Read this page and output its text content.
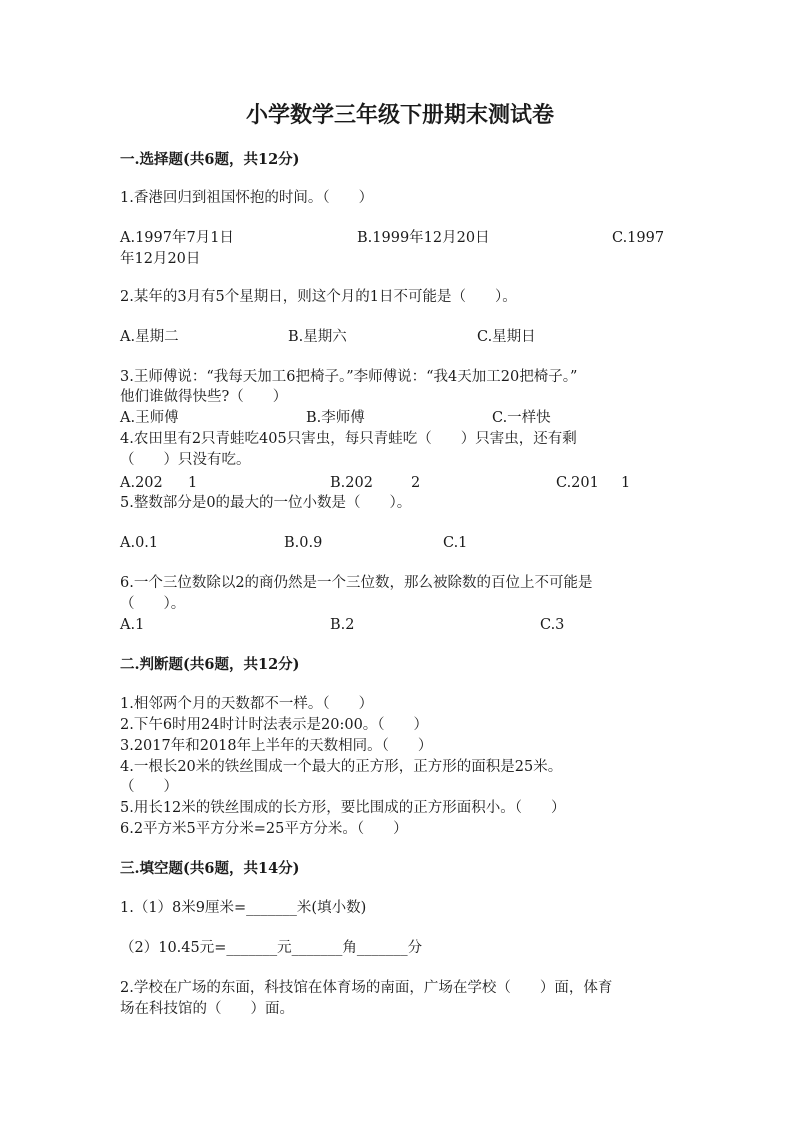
小学数学三年级下册期末测试卷
一.选择题(共6题，共12分)
1.香港回归到祖国怀抱的时间。（　　）
A.1997年7月1日	B.1999年12月20日	C.1997
年12月20日
2.某年的3月有5个星期日，则这个月的1日不可能是（　　）。
A.星期二	B.星期六	C.星期日
3.王师傅说：“我每天加工6把椅子。”李师傅说：“我4天加工20把椅子。”
他们谁做得快些?（　　）
A.王师傅	B.李师傅	C.一样快
4.农田里有2只青蛙吃405只害虫，每只青蛙吃（　　）只害虫，还有剩
（　　）只没有吃。
A.202 1	B.202	2	C.201 1
5.整数部分是0的最大的一位小数是（　　）。
A.0.1	B.0.9	C.1
6.一个三位数除以2的商仍然是一个三位数，那么被除数的百位上不可能是
（　　）。
A.1	B.2	C.3
二.判断题(共6题，共12分)
1.相邻两个月的天数都不一样。（　　）
2.下午6时用24时计时法表示是20:00。（　　）
3.2017年和2018年上半年的天数相同。（　　）
4.一根长20米的铁丝围成一个最大的正方形，正方形的面积是25米。
（　　）
5.用长12米的铁丝围成的长方形，要比围成的正方形面积小。（　　）
6.2平方米5平方分米=25平方分米。（　　）
三.填空题(共6题，共14分)
1.（1）8米9厘米=_______米(填小数)
（2）10.45元=_______元_______角_______分
2.学校在广场的东面，科技馆在体育场的南面，广场在学校（　　）面，体育
场在科技馆的（　　）面。
